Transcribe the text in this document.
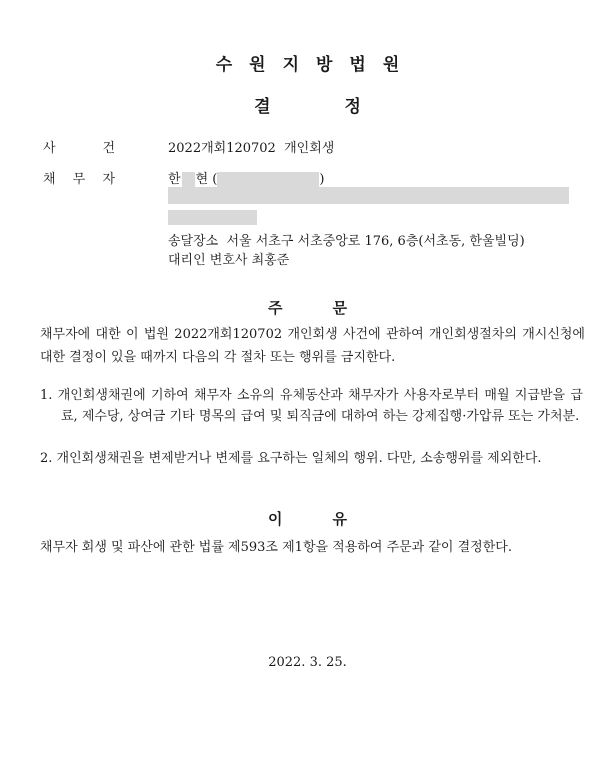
수원지방법원
결정
사	건	2022개회120702 개인회생
채 무 자	한 현 (	)
송달장소  서울 서초구 서초중앙로 176, 6층(서초동, 한울빌딩)
대리인 변호사 최홍준
주	문
채무자에 대한 이 법원 2022개회120702 개인회생 사건에 관하여 개인회생절차의 개시신청에 대한 결정이 있을 때까지 다음의 각 절차 또는 행위를 금지한다.
1. 개인회생채권에 기하여 채무자 소유의 유체동산과 채무자가 사용자로부터 매월 지급받을 급료, 제수당, 상여금 기타 명목의 급여 및 퇴직금에 대하여 하는 강제집행·가압류 또는 가처분.
2. 개인회생채권을 변제받거나 변제를 요구하는 일체의 행위. 다만, 소송행위를 제외한다.
이	유
채무자 회생 및 파산에 관한 법률 제593조 제1항을 적용하여 주문과 같이 결정한다.
2022. 3. 25.
